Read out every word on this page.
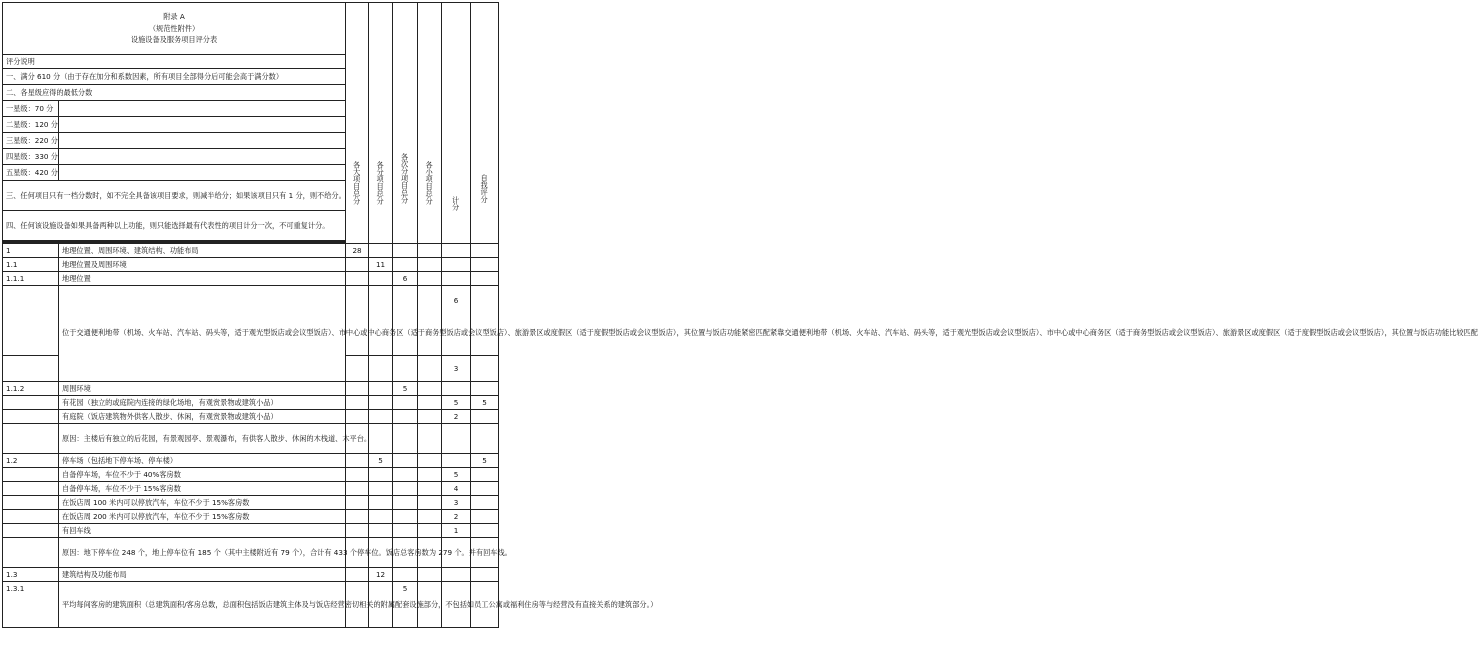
附录 A
（规范性附件）
设施设备及服务项目评分表		各大项目总分	各分项目总分	各次分项目总分	各小项目总分	计分	自我评分

评分说明							
一、满分 610 分（由于存在加分和系数因素，所有项目全部得分后可能会高于满分数）							
二、各星级应得的最低分数							
一星级：70 分							
二星级：120 分							
三星级：220 分							
四星级：330 分							
五星级：420 分							
三、任何项目只有一档分数时，如不完全具备该项目要求，则减半给分；如果该项目只有 1 分，则不给分。							
四、任何该设施设备如果具备两种以上功能，则只能选择最有代表性的项目计分一次，不可重复计分。							

1	地理位置、周围环境、建筑结构、功能布局	28					
1.1	地理位置及周围环境		11				
1.1.1	地理位置			6			
	位于交通便利地带（机场、火车站、汽车站、码头等，适于观光型饭店或会议型饭店）、市中心或中心商务区（适于商务型饭店或会议型饭店）、旅游景区或度假区（适于度假型饭店或会议型饭店），其位置与饭店功能紧密匹配紧靠交通便利地带（机场、火车站、汽车站、码头等，适于观光型饭店或会议型饭店）、市中心或中心商务区（适于商务型饭店或会议型饭店）、旅游景区或度假区（适于度假型饭店或会议型饭店），其位置与饭店功能比较匹配					6	
						3	
1.1.2	周围环境			5			
	有花园（独立的或庭院内连接的绿化场地，有观赏景物或建筑小品）					5	5
	有庭院（饭店建筑物外供客人散步、休闲，有观赏景物或建筑小品）					2	
	原因：主楼后有独立的后花园，有景观园亭、景观瀑布，有供客人散步、休闲的木栈道、木平台。						
1.2	停车场（包括地下停车场、停车楼）		5				5
	自备停车场，车位不少于 40%客房数					5	
	自备停车场，车位不少于 15%客房数					4	
	在饭店周 100 米内可以停放汽车，车位不少于 15%客房数					3	
	在饭店周 200 米内可以停放汽车，车位不少于 15%客房数					2	
	有回车线					1	
	原因：地下停车位 248 个，地上停车位有 185 个（其中主楼附近有 79 个），合计有 433 个停车位。饭店总客房数为 279 个。并有回车线。						
1.3	建筑结构及功能布局		12				
1.3.1	平均每间客房的建筑面积（总建筑面积/客房总数，总面积包括饭店建筑主体及与饭店经营密切相关的附属配套设施部分，不包括如员工公寓或福利住房等与经营没有直接关系的建筑部分。）			5			
